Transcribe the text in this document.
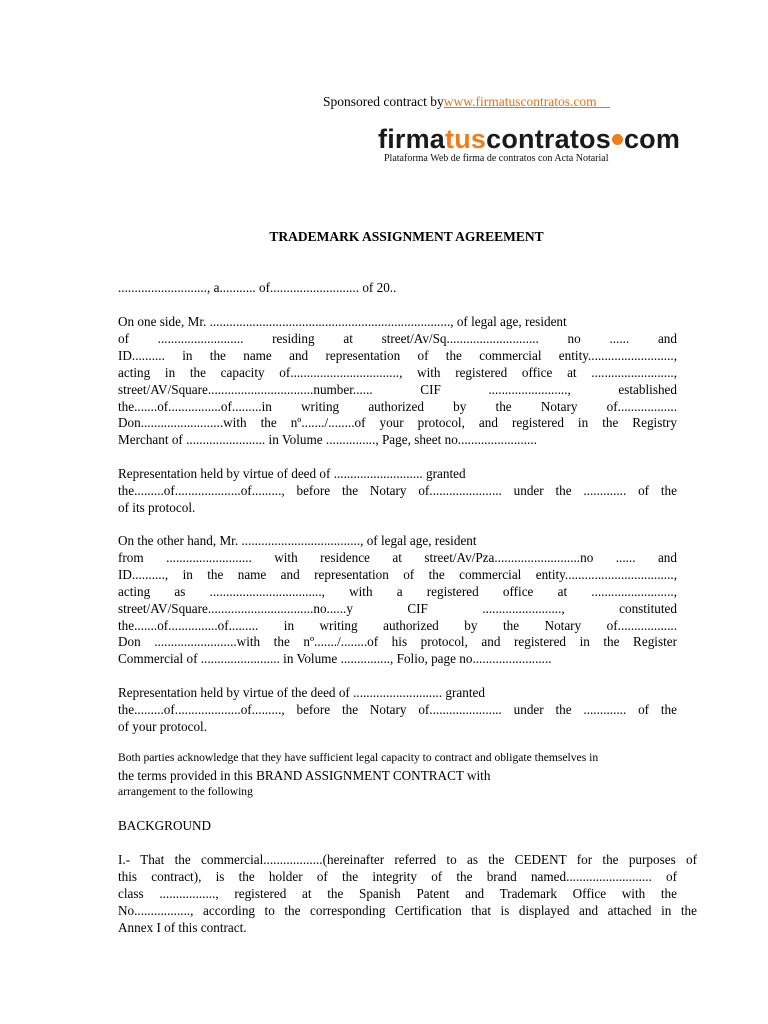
Sponsored contract bywww.firmatuscontratos.com
firmatuscontratos com
Plataforma Web de firma de contratos con Acta Notarial
TRADEMARK ASSIGNMENT AGREEMENT
..........................., a........... of........................... of 20..
On one side, Mr. ........................................................................., of legal age, resident
of .......................... residing at street/Av/Sq............................ no ...... and
ID.......... in the name and representation of the commercial entity..........................,
acting in the capacity of................................., with registered office at .........................,
street/AV/Square................................number...... CIF ........................, established
the.......of................of.........in writing authorized by the Notary of..................
Don.........................with the nº......./........of your protocol, and registered in the Registry
Merchant of ........................ in Volume ..............., Page, sheet no........................
Representation held by virtue of deed of ........................... granted
the.........of....................of........., before the Notary of...................... under the ............. of the
of its protocol.
On the other hand, Mr. ...................................., of legal age, resident
from .......................... with residence at street/Av/Pza..........................no ...... and
ID.........., in the name and representation of the commercial entity.................................,
acting as .................................., with a registered office at .........................,
street/AV/Square................................no......y CIF ........................, constituted
the.......of...............of......... in writing authorized by the Notary of..................
Don .........................with the nº......./........of his protocol, and registered in the Register
Commercial of ........................ in Volume ..............., Folio, page no........................
Representation held by virtue of the deed of ........................... granted
the.........of....................of........., before the Notary of...................... under the ............. of the
of your protocol.
Both parties acknowledge that they have sufficient legal capacity to contract and obligate themselves in
the terms provided in this BRAND ASSIGNMENT CONTRACT with
arrangement to the following
BACKGROUND
I.- That the commercial..................(hereinafter referred to as the CEDENT for the purposes of
this contract), is the holder of the integrity of the brand named.......................... of
class ................., registered at the Spanish Patent and Trademark Office with the
No................., according to the corresponding Certification that is displayed and attached in the
Annex I of this contract.
